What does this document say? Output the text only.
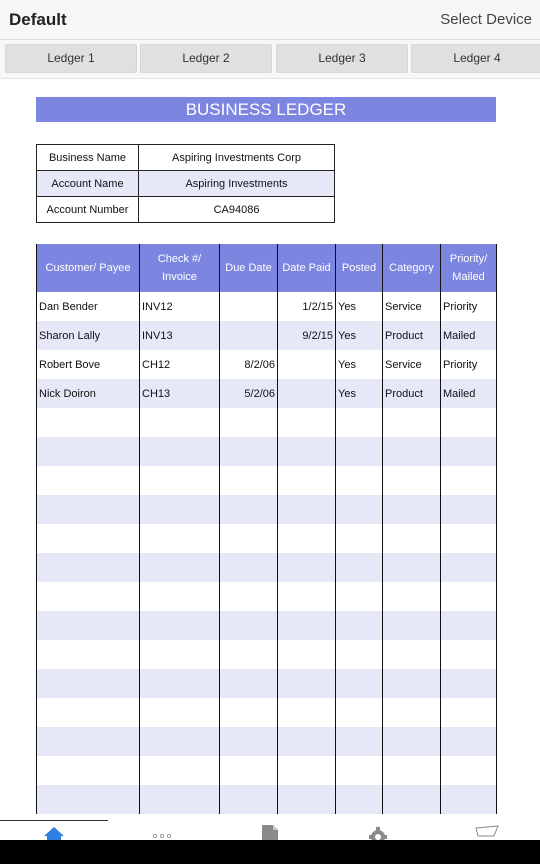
Default	Select Device
Ledger 1	Ledger 2	Ledger 3	Ledger 4
BUSINESS LEDGER
Business Name	Aspiring Investments Corp
Account Name	Aspiring Investments
Account Number	CA94086
Customer/ Payee	Check #/ Invoice	Due Date	Date Paid	Posted	Category	Priority/ Mailed
Dan Bender	INV12		1/2/15	Yes	Service	Priority
Sharon Lally	INV13		9/2/15	Yes	Product	Mailed
Robert Bove	CH12	8/2/06		Yes	Service	Priority
Nick Doiron	CH13	5/2/06		Yes	Product	Mailed
